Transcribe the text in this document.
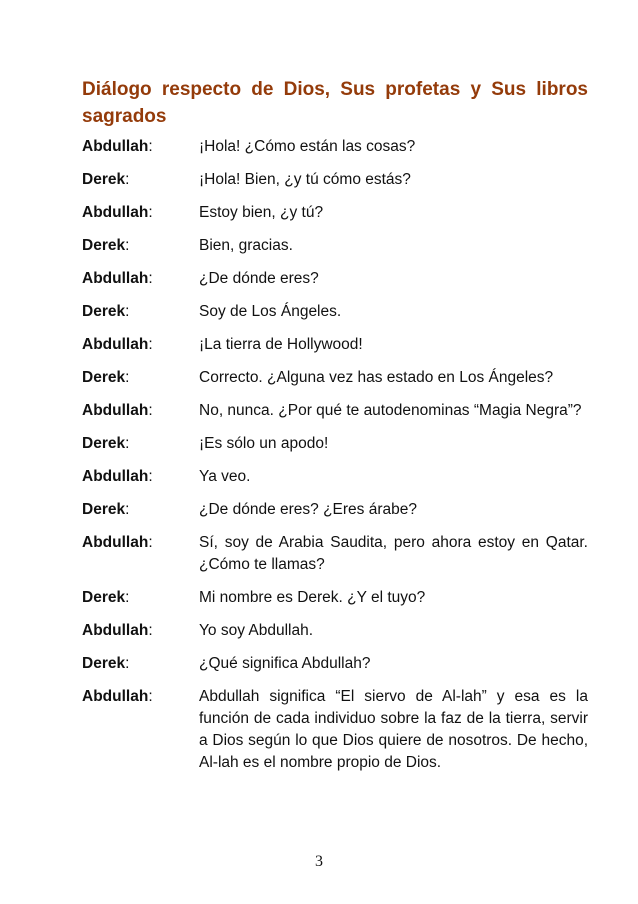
Diálogo respecto de Dios, Sus profetas y Sus libros sagrados
Abdullah:	¡Hola! ¿Cómo están las cosas?
Derek:	¡Hola! Bien, ¿y tú cómo estás?
Abdullah:	Estoy bien, ¿y tú?
Derek:	Bien, gracias.
Abdullah:	¿De dónde eres?
Derek:	Soy de Los Ángeles.
Abdullah:	¡La tierra de Hollywood!
Derek:	Correcto. ¿Alguna vez has estado en Los Ángeles?
Abdullah:	No, nunca. ¿Por qué te autodenominas “Magia Negra”?
Derek:	¡Es sólo un apodo!
Abdullah:	Ya veo.
Derek:	¿De dónde eres? ¿Eres árabe?
Abdullah:	Sí, soy de Arabia Saudita, pero ahora estoy en Qatar. ¿Cómo te llamas?
Derek:	Mi nombre es Derek. ¿Y el tuyo?
Abdullah:	Yo soy Abdullah.
Derek:	¿Qué significa Abdullah?
Abdullah:	Abdullah significa “El siervo de Al-lah” y esa es la función de cada individuo sobre la faz de la tierra, servir a Dios según lo que Dios quiere de nosotros. De hecho, Al-lah es el nombre propio de Dios.
3
